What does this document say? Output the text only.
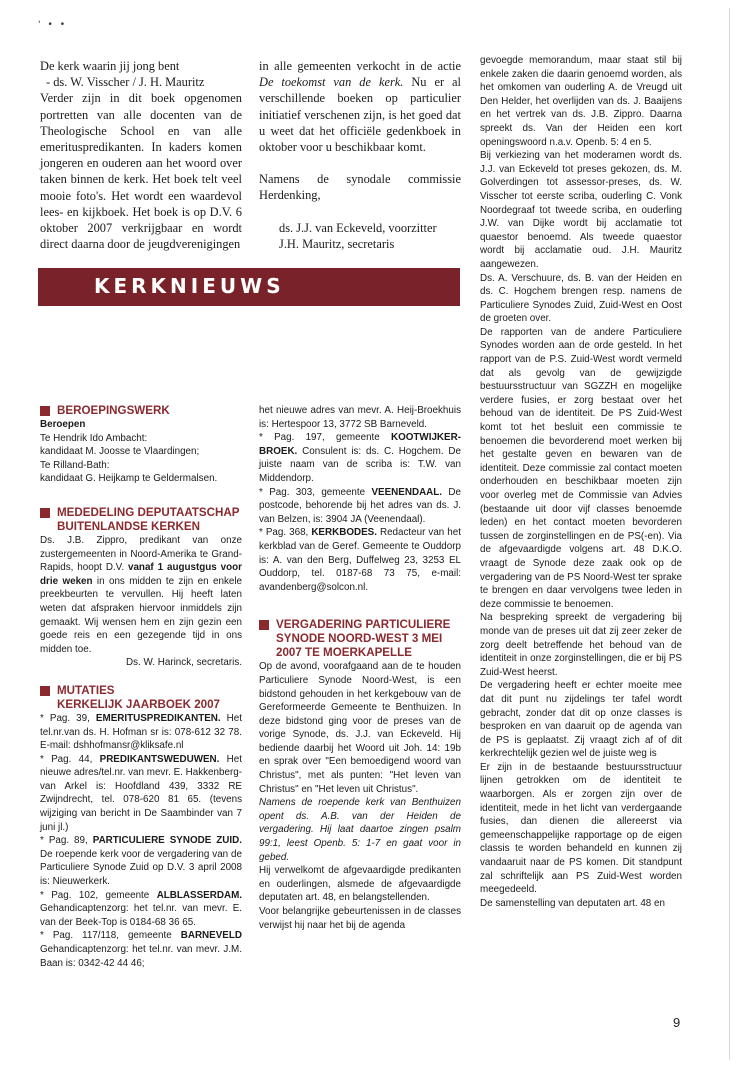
'••

De kerk waarin jij jong bent

- ds. W. Visscher / J. H. Mauritz

Verder zijn in dit boek opgenomen portretten van alle docenten van de Theologische School en van alle emerituspredikanten. In kaders komen jongeren en ouderen aan het woord over taken binnen de kerk. Het boek telt veel mooie foto's. Het wordt een waardevol lees- en kijkboek. Het boek is op D.V. 6 oktober 2007 verkrijgbaar en wordt direct daarna door de jeugdverenigingen

in alle gemeenten verkocht in de actie De toekomst van de kerk. Nu er al verschillende boeken op particulier initiatief verschenen zijn, is het goed dat u weet dat het officiële gedenkboek in oktober voor u beschikbaar komt.

Namens de synodale commissie Herdenking,

ds. J.J. van Eckeveld, voorzitter

J.H. Mauritz, secretaris

KERKNIEUWS

BEROEPINGSWERK

Beroepen

Te Hendrik Ido Ambacht:

kandidaat M. Joosse te Vlaardingen;

Te Rilland-Bath:

kandidaat G. Heijkamp te Geldermalsen.

MEDEDELING DEPUTAATSCHAP
BUITENLANDSE KERKEN

Ds. J.B. Zippro, predikant van onze zustergemeenten in Noord-Amerika te Grand-Rapids, hoopt D.V. vanaf 1 augustgus voor drie weken in ons midden te zijn en enkele preekbeurten te vervullen. Hij heeft laten weten dat afspraken hiervoor inmiddels zijn gemaakt. Wij wensen hem en zijn gezin een goede reis en een gezegende tijd in ons midden toe.

Ds. W. Harinck, secretaris.

MUTATIES
KERKELIJK JAARBOEK 2007

* Pag. 39, EMERITUSPREDIKANTEN. Het tel.nr.van ds. H. Hofman sr is: 078-612 32 78. E-mail: dshhofmansr@kliksafe.nl

* Pag. 44, PREDIKANTSWEDUWEN. Het nieuwe adres/tel.nr. van mevr. E. Hakkenberg-van Arkel is: Hoofdland 439, 3332 RE Zwijndrecht, tel. 078-620 81 65. (tevens wijziging van bericht in De Saambinder van 7 juni jl.)

* Pag. 89, PARTICULIERE SYNODE ZUID. De roepende kerk voor de vergadering van de Particuliere Synode Zuid op D.V. 3 april 2008 is: Nieuwerkerk.

* Pag. 102, gemeente ALBLASSERDAM. Gehandicaptenzorg: het tel.nr. van mevr. E. van der Beek-Top is 0184-68 36 65.

* Pag. 117/118, gemeente BARNEVELD Gehandicaptenzorg: het tel.nr. van mevr. J.M. Baan is: 0342-42 44 46;

het nieuwe adres van mevr. A. Heij-Broekhuis is: Hertespoor 13, 3772 SB Barneveld.

* Pag. 197, gemeente KOOTWIJKER-BROEK. Consulent is: ds. C. Hogchem. De juiste naam van de scriba is: T.W. van Middendorp.

* Pag. 303, gemeente VEENENDAAL. De postcode, behorende bij het adres van ds. J. van Belzen, is: 3904 JA (Veenendaal).

* Pag. 368, KERKBODES. Redacteur van het kerkblad van de Geref. Gemeente te Ouddorp is: A. van den Berg, Duffelweg 23, 3253 EL Ouddorp, tel. 0187-68 73 75, e-mail: avandenberg@solcon.nl.

VERGADERING PARTICULIERE
SYNODE NOORD-WEST 3 MEI
2007 TE MOERKAPELLE

Op de avond, voorafgaand aan de te houden Particuliere Synode Noord-West, is een bidstond gehouden in het kerkgebouw van de Gereformeerde Gemeente te Benthuizen. In deze bidstond ging voor de preses van de vorige Synode, ds. J.J. van Eckeveld. Hij bediende daarbij het Woord uit Joh. 14: 19b en sprak over "Een bemoedigend woord van Christus", met als punten: "Het leven van Christus" en "Het leven uit Christus".

Namens de roepende kerk van Benthuizen opent ds. A.B. van der Heiden de vergadering. Hij laat daartoe zingen psalm 99:1, leest Openb. 5: 1-7 en gaat voor in gebed.

Hij verwelkomt de afgevaardigde predikanten en ouderlingen, alsmede de afgevaardigde deputaten art. 48, en belangstellenden.

Voor belangrijke gebeurtenissen in de classes verwijst hij naar het bij de agenda

gevoegde memorandum, maar staat stil bij enkele zaken die daarin genoemd worden, als het omkomen van ouderling A. de Vreugd uit Den Helder, het overlijden van ds. J. Baaijens en het vertrek van ds. J.B. Zippro. Daarna spreekt ds. Van der Heiden een kort openingswoord n.a.v. Openb. 5: 4 en 5.

Bij verkiezing van het moderamen wordt ds. J.J. van Eckeveld tot preses gekozen, ds. M. Golverdingen tot assessor-preses, ds. W. Visscher tot eerste scriba, ouderling C. Vonk Noordegraaf tot tweede scriba, en ouderling J.W. van Dijke wordt bij acclamatie tot quaestor benoemd. Als tweede quaestor wordt bij acclamatie oud. J.H. Mauritz aangewezen.

Ds. A. Verschuure, ds. B. van der Heiden en ds. C. Hogchem brengen resp. namens de Particuliere Synodes Zuid, Zuid-West en Oost de groeten over.

De rapporten van de andere Particuliere Synodes worden aan de orde gesteld. In het rapport van de P.S. Zuid-West wordt vermeld dat als gevolg van de gewijzigde bestuursstructuur van SGZZH en mogelijke verdere fusies, er zorg bestaat over het behoud van de identiteit. De PS Zuid-West komt tot het besluit een commissie te benoemen die bevorderend moet werken bij het gestalte geven en bewaren van de identiteit. Deze commissie zal contact moeten onderhouden en beschikbaar moeten zijn voor overleg met de Commissie van Advies (bestaande uit door vijf classes benoemde leden) en het contact moeten bevorderen tussen de zorginstellingen en de PS(-en). Via de afgevaardigde volgens art. 48 D.K.O. vraagt de Synode deze zaak ook op de vergadering van de PS Noord-West ter sprake te brengen en daar vervolgens twee leden in deze commissie te benoemen.

Na bespreking spreekt de vergadering bij monde van de preses uit dat zij zeer zeker de zorg deelt betreffende het behoud van de identiteit in onze zorginstellingen, die er bij PS Zuid-West heerst.

De vergadering heeft er echter moeite mee dat dit punt nu zijdelings ter tafel wordt gebracht, zonder dat dit op onze classes is besproken en van daaruit op de agenda van de PS is geplaatst. Zij vraagt zich af of dit kerkrechtelijk gezien wel de juiste weg is

Er zijn in de bestaande bestuursstructuur lijnen getrokken om de identiteit te waarborgen. Als er zorgen zijn over de identiteit, mede in het licht van verdergaande fusies, dan dienen die allereerst via gemeenschappelijke rapportage op de eigen classis te worden behandeld en kunnen zij vandaaruit naar de PS komen. Dit standpunt zal schriftelijk aan PS Zuid-West worden meegedeeld.

De samenstelling van deputaten art. 48 en

9
